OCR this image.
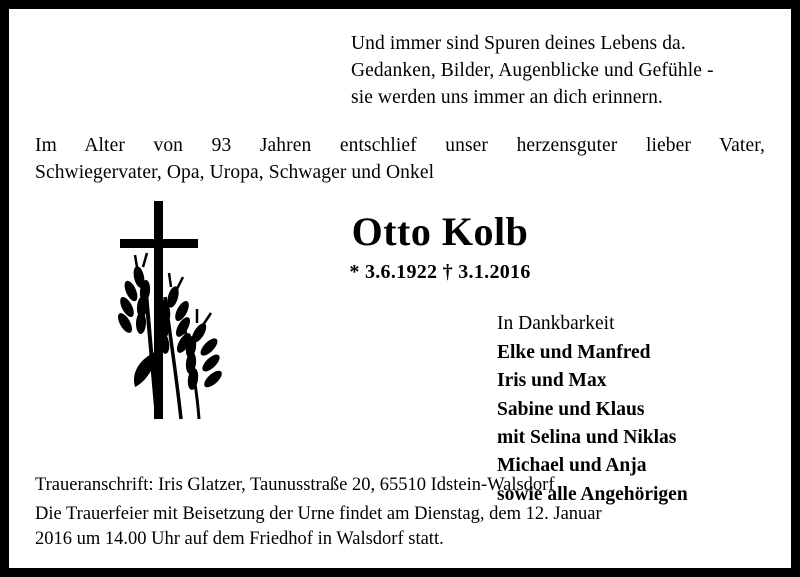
Und immer sind Spuren deines Lebens da.
Gedanken, Bilder, Augenblicke und Gefühle -
sie werden uns immer an dich erinnern.
Im Alter von 93 Jahren entschlief unser herzensguter lieber Vater,
Schwiegervater, Opa, Uropa, Schwager und Onkel
Otto Kolb
* 3.6.1922 † 3.1.2016
In Dankbarkeit
Elke und Manfred
Iris und Max
Sabine und Klaus
mit Selina und Niklas
Michael und Anja
sowie alle Angehörigen
Traueranschrift: Iris Glatzer, Taunusstraße 20, 65510 Idstein-Walsdorf
Die Trauerfeier mit Beisetzung der Urne findet am Dienstag, dem 12. Januar
2016 um 14.00 Uhr auf dem Friedhof in Walsdorf statt.
